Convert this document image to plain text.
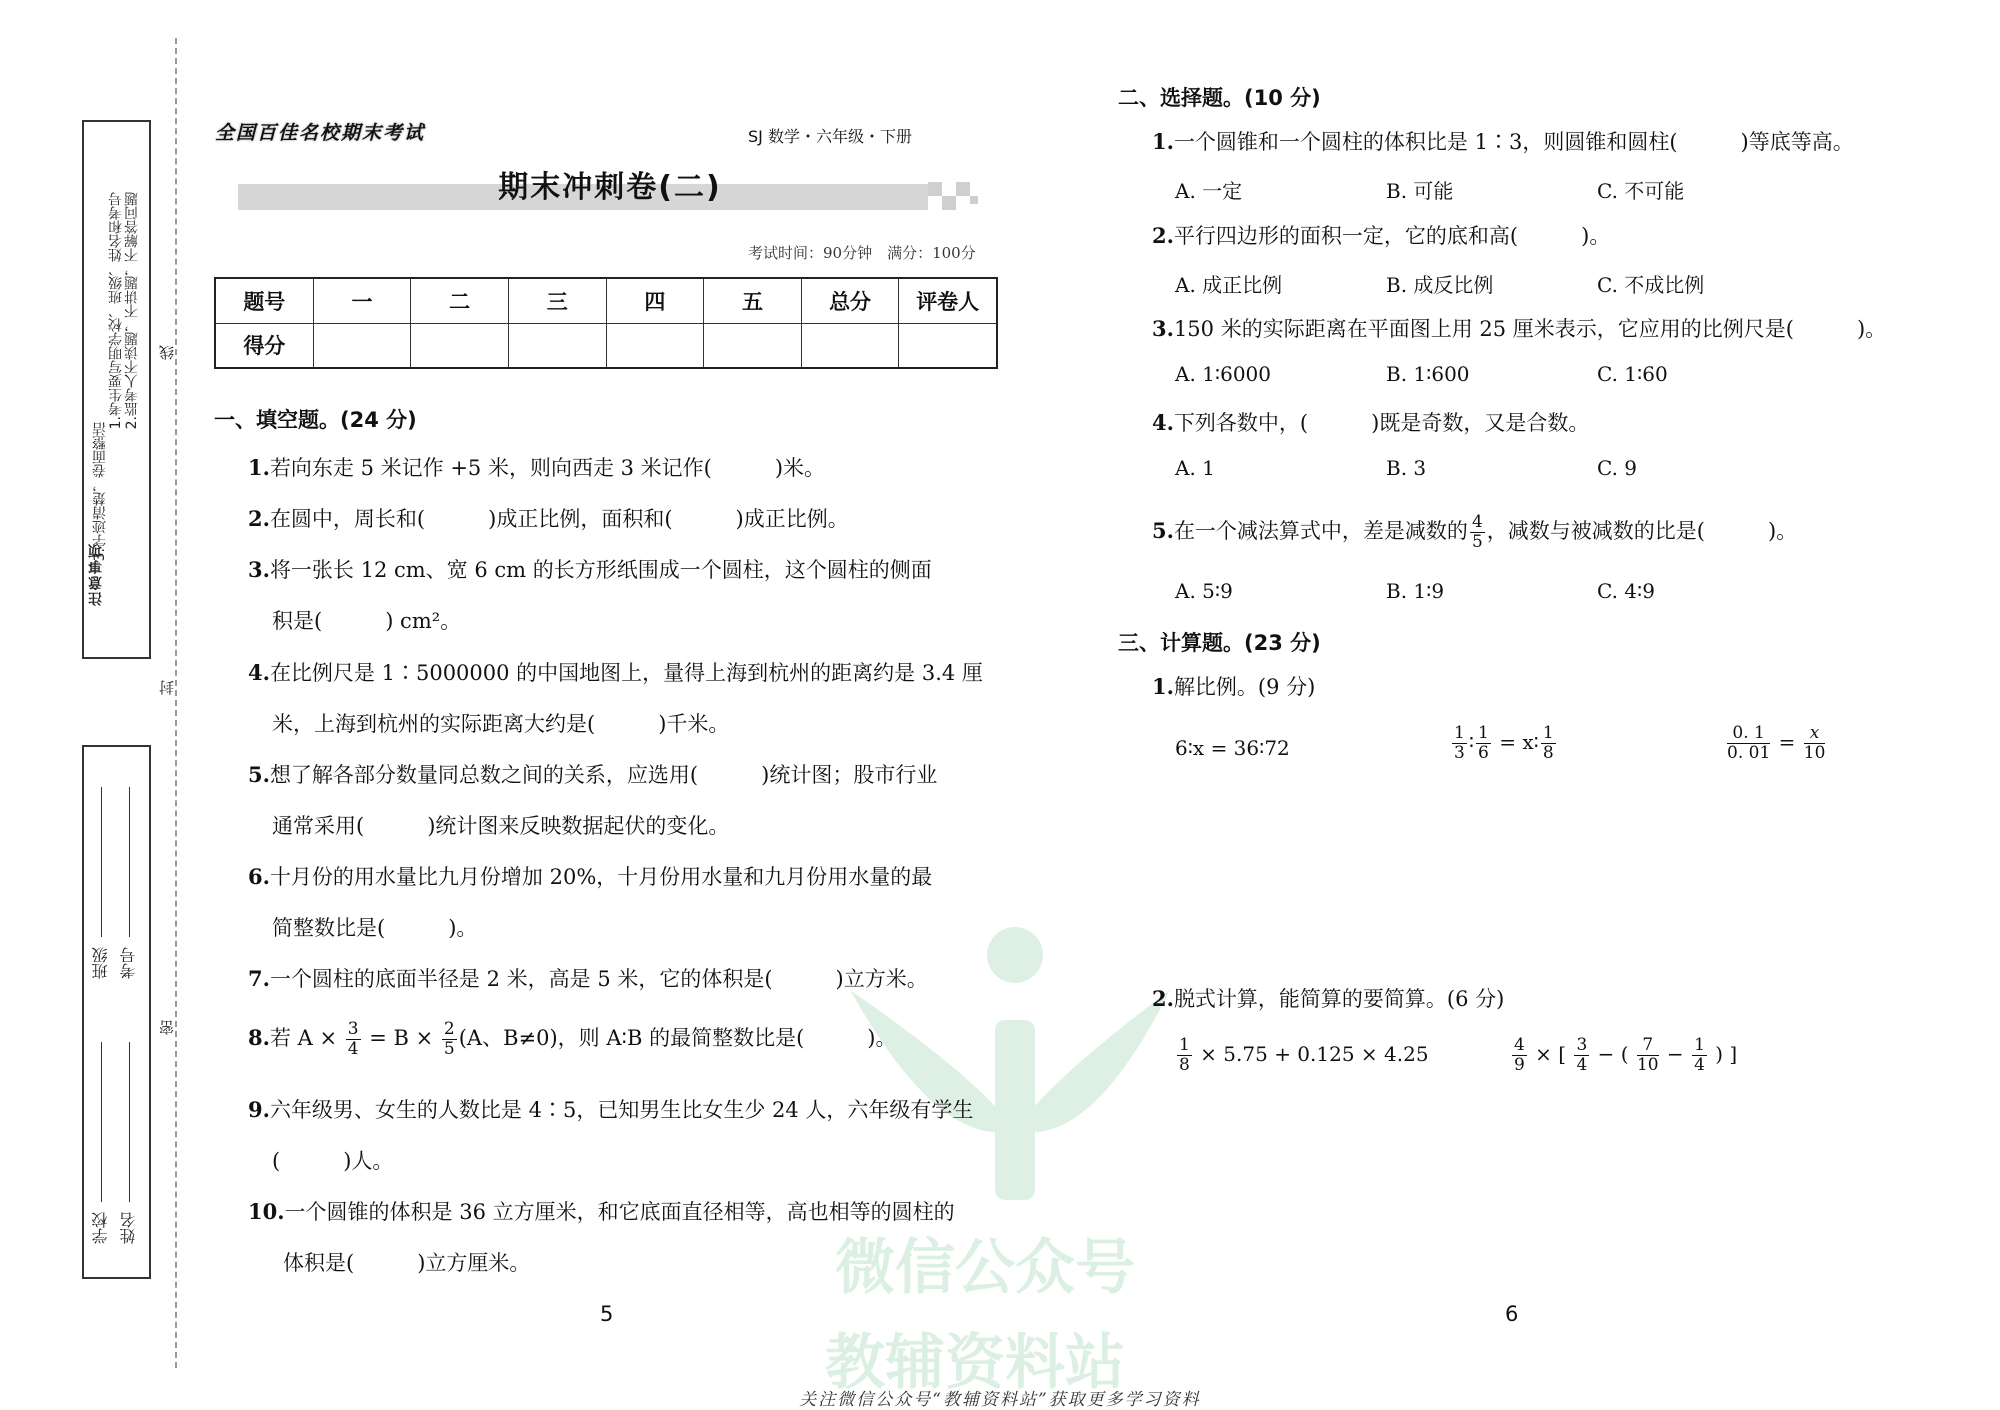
注意事项
1.考生要写明学校、班级、姓名和考号 2.监考人不读题，不讲题，不解答问题
3.字迹清楚，卷面整洁
线
封
密
学校
班级
姓名
考号
全国百佳名校期末考试	SJ 数学・六年级・下册
期末冲刺卷(二)
考试时间：90分钟　满分：100分
题号	一	二	三	四	五	总分	评卷人
得分							
微信公众号
教辅资料站
一、填空题。(24 分)
1.若向东走 5 米记作 +5 米，则向西走 3 米记作(　　　)米。
2.在圆中，周长和(　　　)成正比例，面积和(　　　)成正比例。
3.将一张长 12 cm、宽 6 cm 的长方形纸围成一个圆柱，这个圆柱的侧面
积是(　　　) cm²。
4.在比例尺是 1∶5000000 的中国地图上，量得上海到杭州的距离约是 3.4 厘
米，上海到杭州的实际距离大约是(　　　)千米。
5.想了解各部分数量同总数之间的关系，应选用(　　　)统计图；股市行业
通常采用(　　　)统计图来反映数据起伏的变化。
6.十月份的用水量比九月份增加 20%，十月份用水量和九月份用水量的最
简整数比是(　　　)。
7.一个圆柱的底面半径是 2 米，高是 5 米，它的体积是(　　　)立方米。
8.若 $A \times \frac{3}{4} = B \times \frac{2}{5} (A$、B≠0)，则 A∶B 的最简整数比是(　　　)。
9.六年级男、女生的人数比是 4∶5，已知男生比女生少 24 人，六年级有学生
(　　　)人。
10.一个圆锥的体积是 36 立方厘米，和它底面直径相等，高也相等的圆柱的
体积是(　　　)立方厘米。
5
二、选择题。(10 分)
1.一个圆锥和一个圆柱的体积比是 1∶3，则圆锥和圆柱(　　　)等底等高。
A. 一定	B. 可能	C. 不可能
2.平行四边形的面积一定，它的底和高(　　　)。
A. 成正比例	B. 成反比例	C. 不成比例
3.150 米的实际距离在平面图上用 25 厘米表示，它应用的比例尺是(　　　)。
A. 1∶6000	B. 1∶600	C. 1∶60
4.下列各数中，(　　　)既是奇数，又是合数。
A. 1	B. 3	C. 9
5.在一个减法算式中，差是减数的 $\frac{4}{5}$ ，减数与被减数的比是(　　　)。
A. 5∶9	B. 1∶9	C. 4∶9
三、计算题。(23 分)
1.解比例。(9 分)
6∶x = 36∶72	$\frac{1}{3}$ ∶ $\frac{1}{6}$ = x∶ $\frac{1}{8}$	$\frac{0. 1}{0. 01} = \frac{x}{10}$
2.脱式计算，能简算的要简算。(6 分)
$\frac{1}{8} \times 5.75 + 0.125 \times 4.25$	$\frac{4}{9}$ × [ $\frac{3}{4}$ − ( $\frac{7}{10} - \frac{1}{4}$ ) ]
6
关注微信公众号“教辅资料站”获取更多学习资料
